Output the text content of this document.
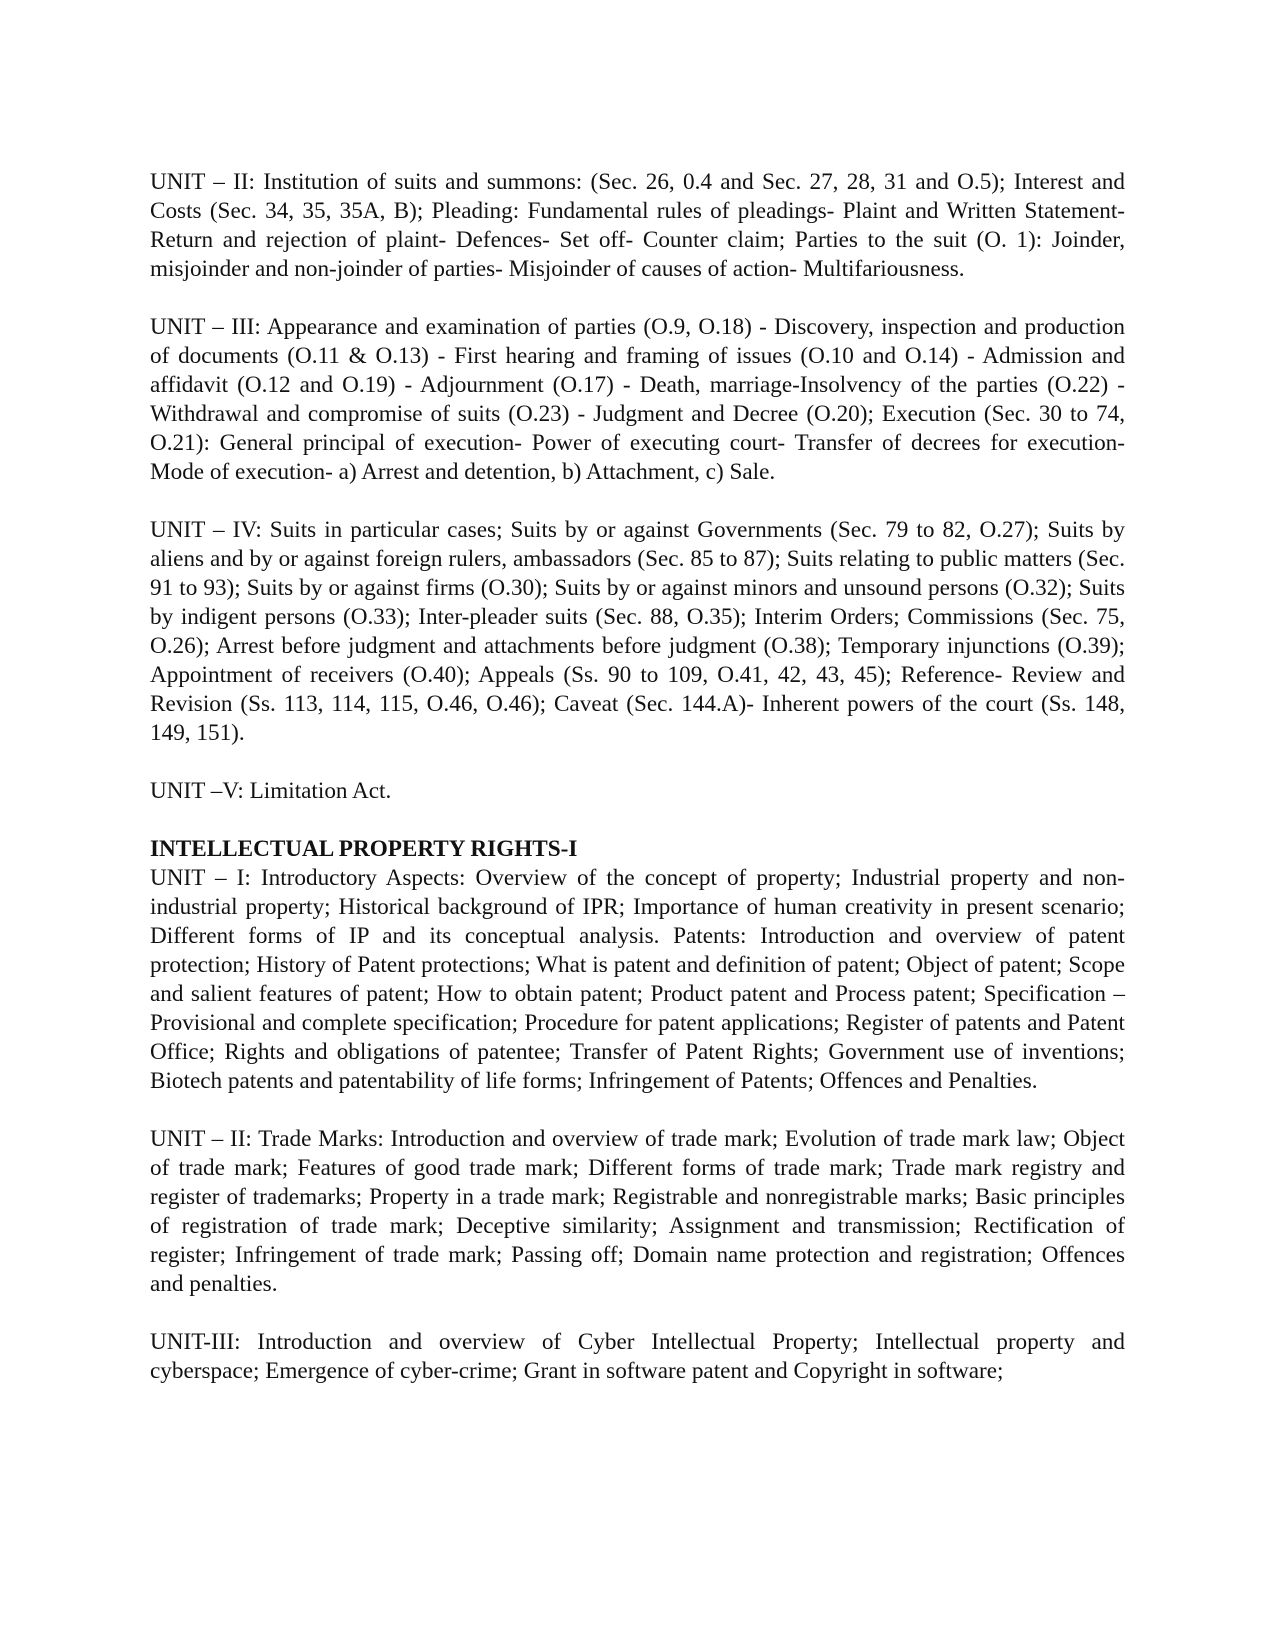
UNIT – II: Institution of suits and summons: (Sec. 26, 0.4 and Sec. 27, 28, 31 and O.5); Interest and Costs (Sec. 34, 35, 35A, B); Pleading: Fundamental rules of pleadings- Plaint and Written Statement- Return and rejection of plaint- Defences- Set off- Counter claim; Parties to the suit (O. 1): Joinder, misjoinder and non-joinder of parties- Misjoinder of causes of action- Multifariousness.

UNIT – III: Appearance and examination of parties (O.9, O.18) - Discovery, inspection and production of documents (O.11 & O.13) - First hearing and framing of issues (O.10 and O.14) - Admission and affidavit (O.12 and O.19) - Adjournment (O.17) - Death, marriage-Insolvency of the parties (O.22) - Withdrawal and compromise of suits (O.23) - Judgment and Decree (O.20); Execution (Sec. 30 to 74, O.21): General principal of execution- Power of executing court- Transfer of decrees for execution- Mode of execution- a) Arrest and detention, b) Attachment, c) Sale.

UNIT – IV: Suits in particular cases; Suits by or against Governments (Sec. 79 to 82, O.27); Suits by aliens and by or against foreign rulers, ambassadors (Sec. 85 to 87); Suits relating to public matters (Sec. 91 to 93); Suits by or against firms (O.30); Suits by or against minors and unsound persons (O.32); Suits by indigent persons (O.33); Inter-pleader suits (Sec. 88, O.35); Interim Orders; Commissions (Sec. 75, O.26); Arrest before judgment and attachments before judgment (O.38); Temporary injunctions (O.39); Appointment of receivers (O.40); Appeals (Ss. 90 to 109, O.41, 42, 43, 45); Reference- Review and Revision (Ss. 113, 114, 115, O.46, O.46); Caveat (Sec. 144.A)- Inherent powers of the court (Ss. 148, 149, 151).

UNIT –V: Limitation Act.

INTELLECTUAL PROPERTY RIGHTS-I

UNIT – I: Introductory Aspects: Overview of the concept of property; Industrial property and non-industrial property; Historical background of IPR; Importance of human creativity in present scenario; Different forms of IP and its conceptual analysis. Patents: Introduction and overview of patent protection; History of Patent protections; What is patent and definition of patent; Object of patent; Scope and salient features of patent; How to obtain patent; Product patent and Process patent; Specification – Provisional and complete specification; Procedure for patent applications; Register of patents and Patent Office; Rights and obligations of patentee; Transfer of Patent Rights; Government use of inventions; Biotech patents and patentability of life forms; Infringement of Patents; Offences and Penalties.

UNIT – II: Trade Marks: Introduction and overview of trade mark; Evolution of trade mark law; Object of trade mark; Features of good trade mark; Different forms of trade mark; Trade mark registry and register of trademarks; Property in a trade mark; Registrable and nonregistrable marks; Basic principles of registration of trade mark; Deceptive similarity; Assignment and transmission; Rectification of register; Infringement of trade mark; Passing off; Domain name protection and registration; Offences and penalties.

UNIT-III: Introduction and overview of Cyber Intellectual Property; Intellectual property and cyberspace; Emergence of cyber-crime; Grant in software patent and Copyright in software;
